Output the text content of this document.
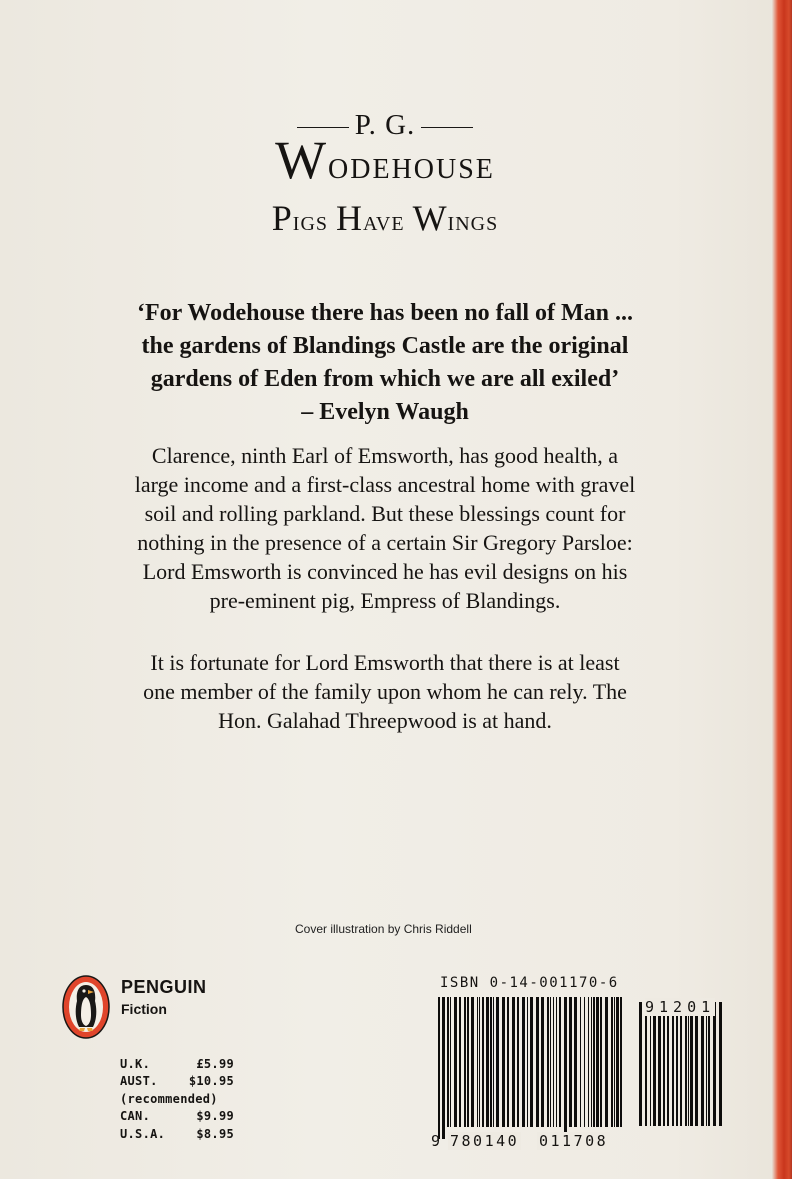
P. G.
Wodehouse
Pigs Have Wings
‘For Wodehouse there has been no fall of Man ...
the gardens of Blandings Castle are the original
gardens of Eden from which we are all exiled’
– Evelyn Waugh
Clarence, ninth Earl of Emsworth, has good health, a
large income and a first-class ancestral home with gravel
soil and rolling parkland. But these blessings count for
nothing in the presence of a certain Sir Gregory Parsloe:
Lord Emsworth is convinced he has evil designs on his
pre-eminent pig, Empress of Blandings.
It is fortunate for Lord Emsworth that there is at least
one member of the family upon whom he can rely. The
Hon. Galahad Threepwood is at hand.
Cover illustration by Chris Riddell
PENGUIN
Fiction
U.K.	£5.99
AUST.	$10.95
(recommended)
CAN.	$9.99
U.S.A.	$8.95
ISBN 0-14-001170-6
91201
9 780140 011708
